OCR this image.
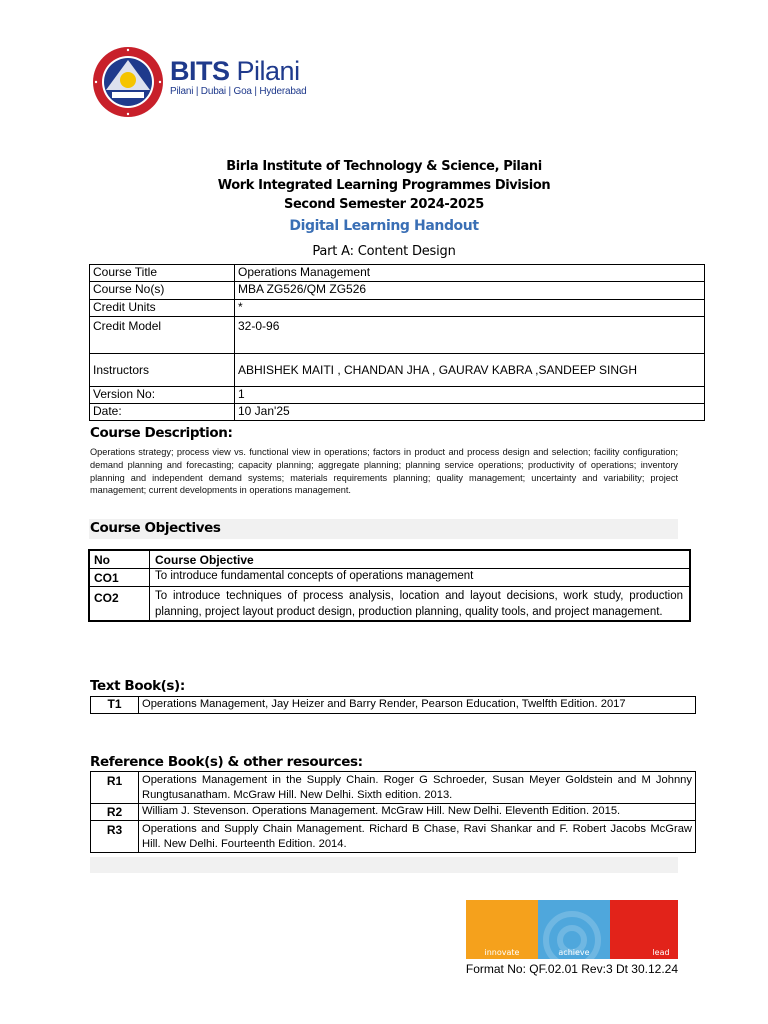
BITS Pilani
Pilani | Dubai | Goa | Hyderabad
Birla Institute of Technology & Science, Pilani
Work Integrated Learning Programmes Division
Second Semester 2024-2025
Digital Learning Handout
Part A: Content Design
Course Title	Operations Management
Course No(s)	MBA ZG526/QM ZG526
Credit Units	*
Credit Model	32-0-96
Instructors	ABHISHEK MAITI , CHANDAN JHA , GAURAV KABRA ,SANDEEP SINGH
Version No:	1
Date:	10 Jan'25
Course Description:
Operations strategy; process view vs. functional view in operations; factors in product and process design and selection; facility configuration; demand planning and forecasting; capacity planning; aggregate planning; planning service operations; productivity of operations; inventory planning and independent demand systems; materials requirements planning; quality management; uncertainty and variability; project management; current developments in operations management.
Course Objectives
No	Course Objective
CO1	To introduce fundamental concepts of operations management
CO2	To introduce techniques of process analysis, location and layout decisions, work study, production planning, project layout product design, production planning, quality tools, and project management.
Text Book(s):
T1	Operations Management, Jay Heizer and Barry Render, Pearson Education, Twelfth Edition. 2017
Reference Book(s) & other resources:
R1	Operations Management in the Supply Chain. Roger G Schroeder, Susan Meyer Goldstein and M Johnny Rungtusanatham. McGraw Hill. New Delhi. Sixth edition. 2013.
R2	William J. Stevenson. Operations Management. McGraw Hill. New Delhi. Eleventh Edition. 2015.
R3	Operations and Supply Chain Management. Richard B Chase, Ravi Shankar and F. Robert Jacobs McGraw Hill. New Delhi. Fourteenth Edition. 2014.
innovate	achieve	lead
Format No: QF.02.01 Rev:3 Dt 30.12.24
